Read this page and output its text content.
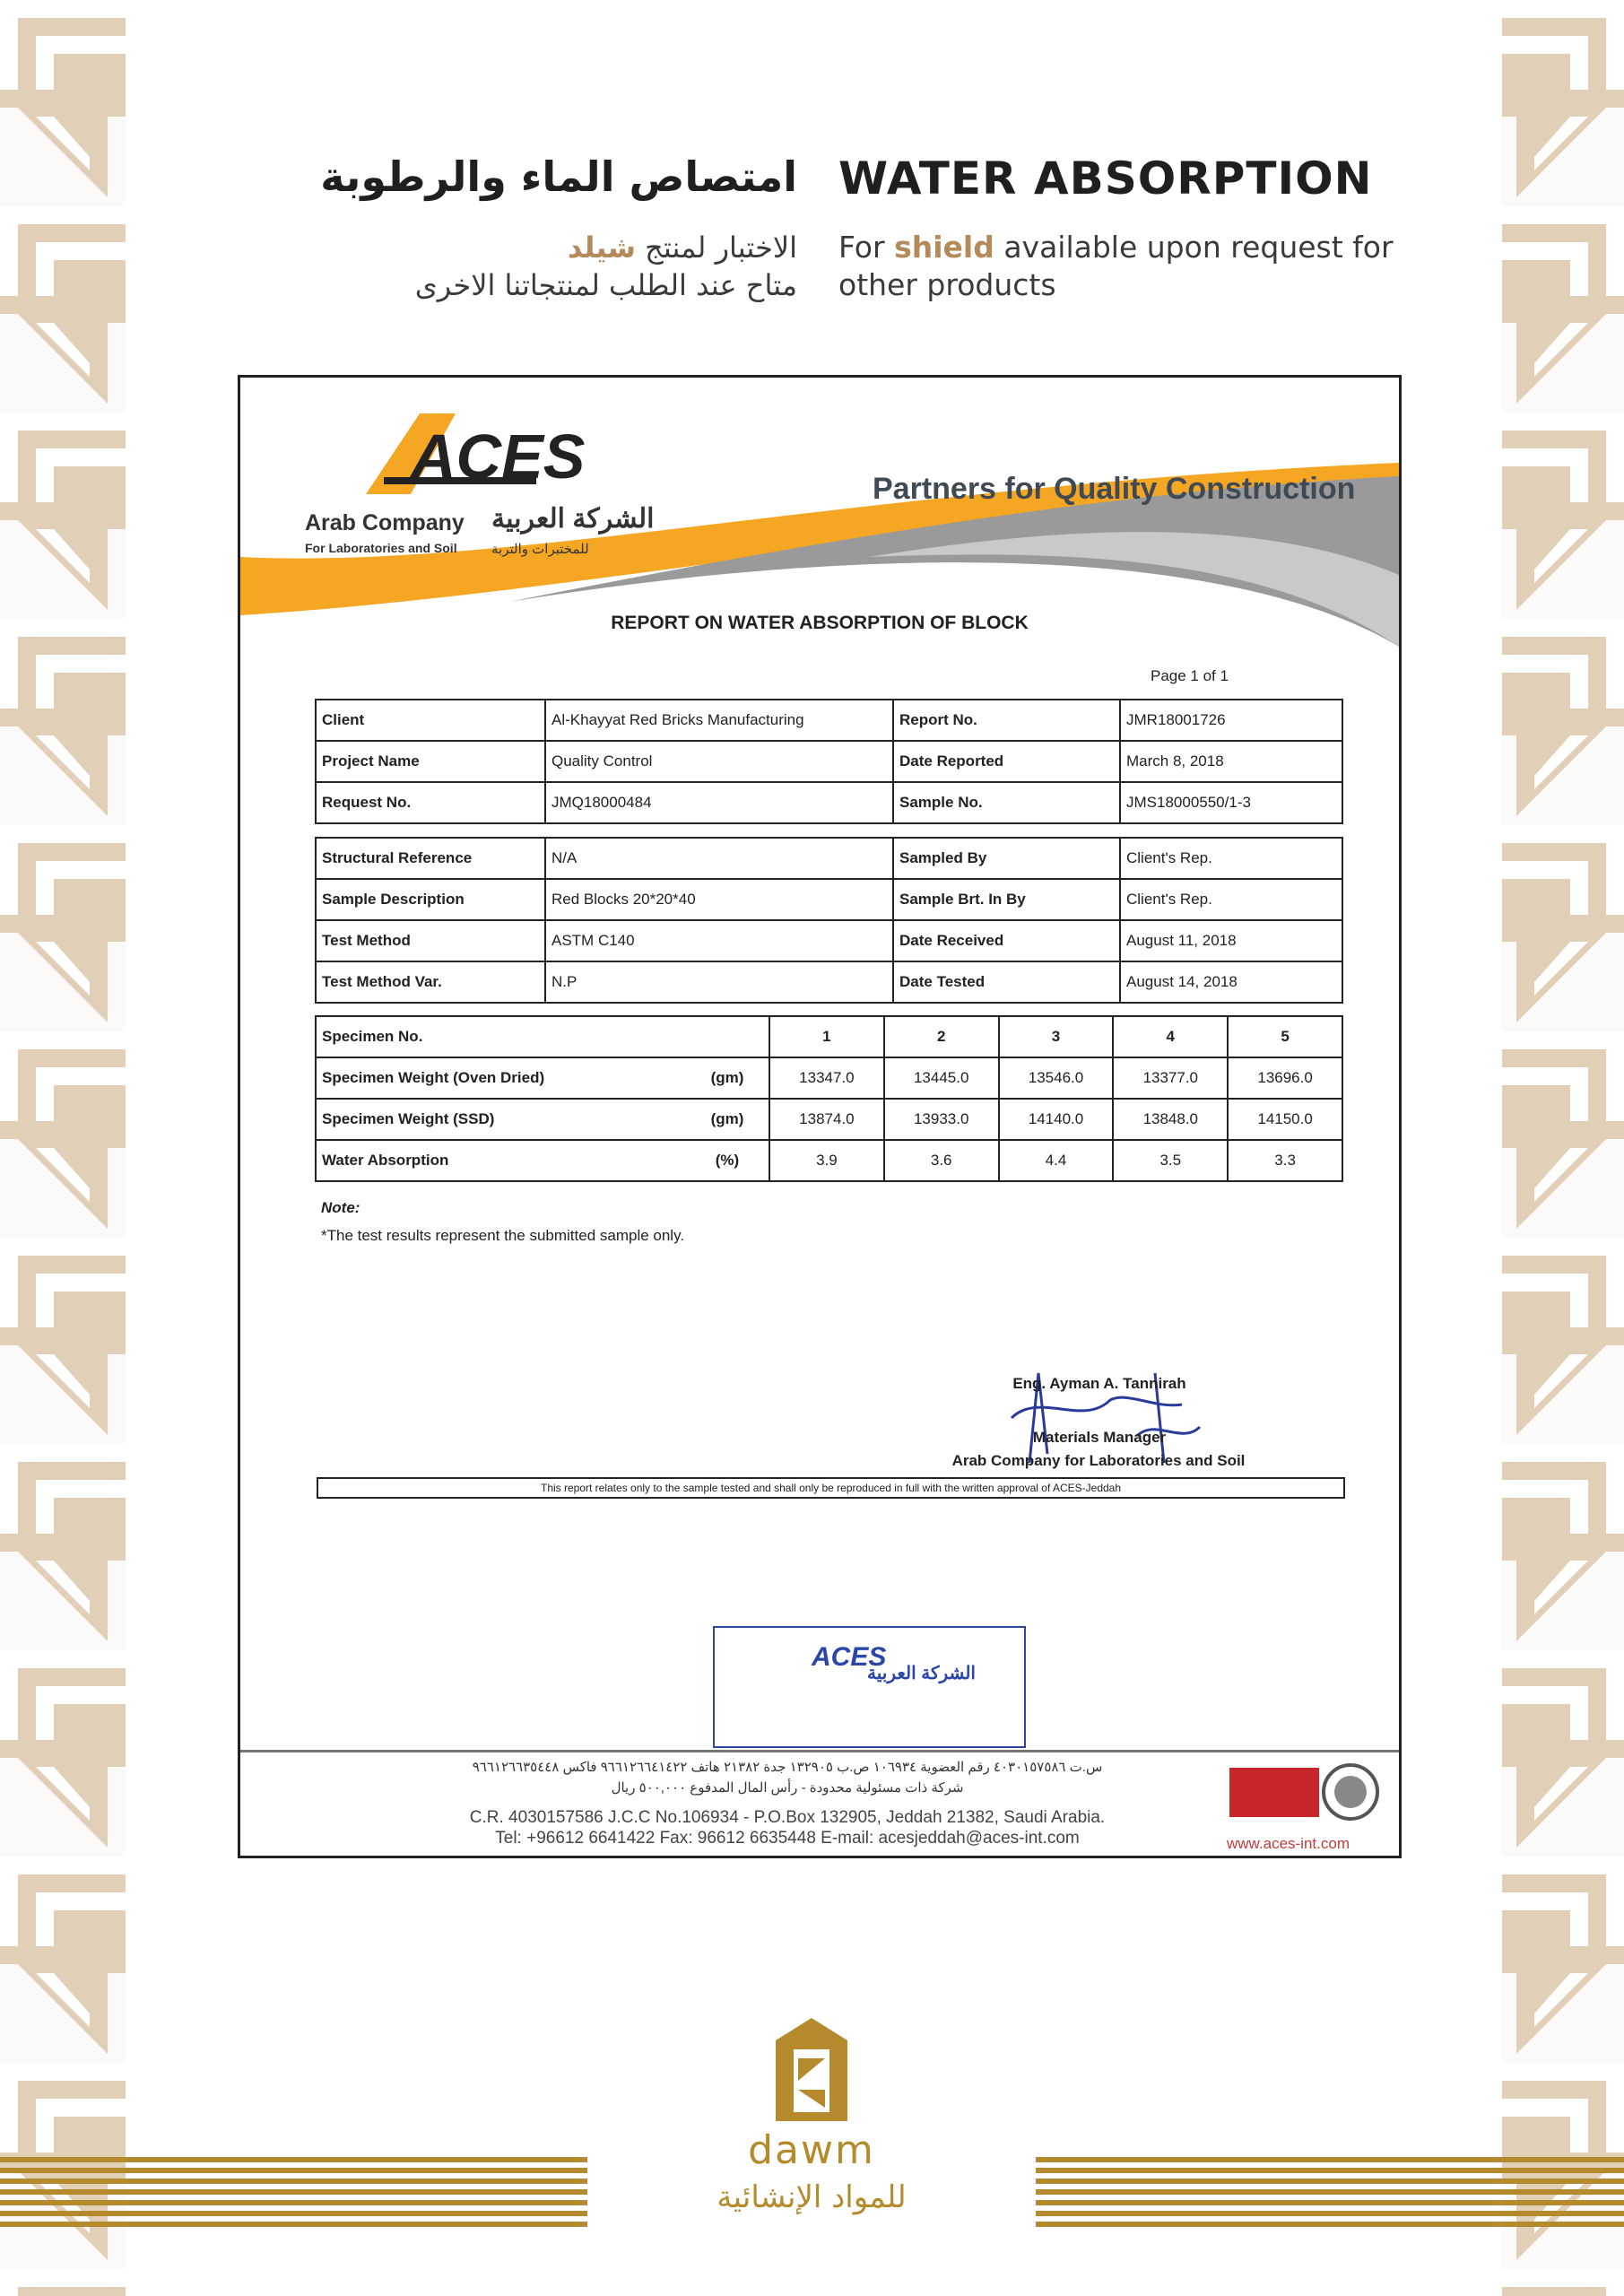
WATER ABSORPTION
امتصاص الماء والرطوبة
For shield available upon request for other products
الاختبار لمنتج شيلد
متاح عند الطلب لمنتجاتنا الاخرى
ACES
Arab Company
For Laboratories and Soil
الشركة العربية
للمختبرات والتربة
Partners for Quality Construction
REPORT ON WATER ABSORPTION OF BLOCK
Page 1 of 1
Client	Al-Khayyat Red Bricks Manufacturing	Report No.	JMR18001726
Project Name	Quality Control	Date Reported	March 8, 2018
Request No.	JMQ18000484	Sample No.	JMS18000550/1-3
Structural Reference	N/A	Sampled By	Client's Rep.
Sample Description	Red Blocks 20*20*40	Sample Brt. In By	Client's Rep.
Test Method	ASTM C140	Date Received	August 11, 2018
Test Method Var.	N.P	Date Tested	August 14, 2018
Specimen No.		1	2	3	4	5
Specimen Weight (Oven Dried)	(gm)	13347.0	13445.0	13546.0	13377.0	13696.0
Specimen Weight (SSD)	(gm)	13874.0	13933.0	14140.0	13848.0	14150.0
Water Absorption	(%)	3.9	3.6	4.4	3.5	3.3
Note:
*The test results represent the submitted sample only.
Eng. Ayman A. Tannirah
Materials Manager
Arab Company for Laboratories and Soil
This report relates only to the sample tested and shall only be reproduced in full with the written approval of ACES-Jeddah
ACES
الشركة العربية
س.ت ٤٠٣٠١٥٧٥٨٦ رقم العضوية ١٠٦٩٣٤ ص.ب ١٣٢٩٠٥ جدة ٢١٣٨٢ هاتف ٩٦٦١٢٦٦٤١٤٢٢ فاكس ٩٦٦١٢٦٦٣٥٤٤٨
شركة ذات مسئولية محدودة - رأس المال المدفوع ٥٠٠,٠٠٠ ريال
C.R. 4030157586 J.C.C No.106934 - P.O.Box 132905, Jeddah 21382, Saudi Arabia.
Tel: +96612 6641422 Fax: 96612 6635448 E-mail: acesjeddah@aces-int.com	www.aces-int.com
dawm
للمواد الإنشائية
